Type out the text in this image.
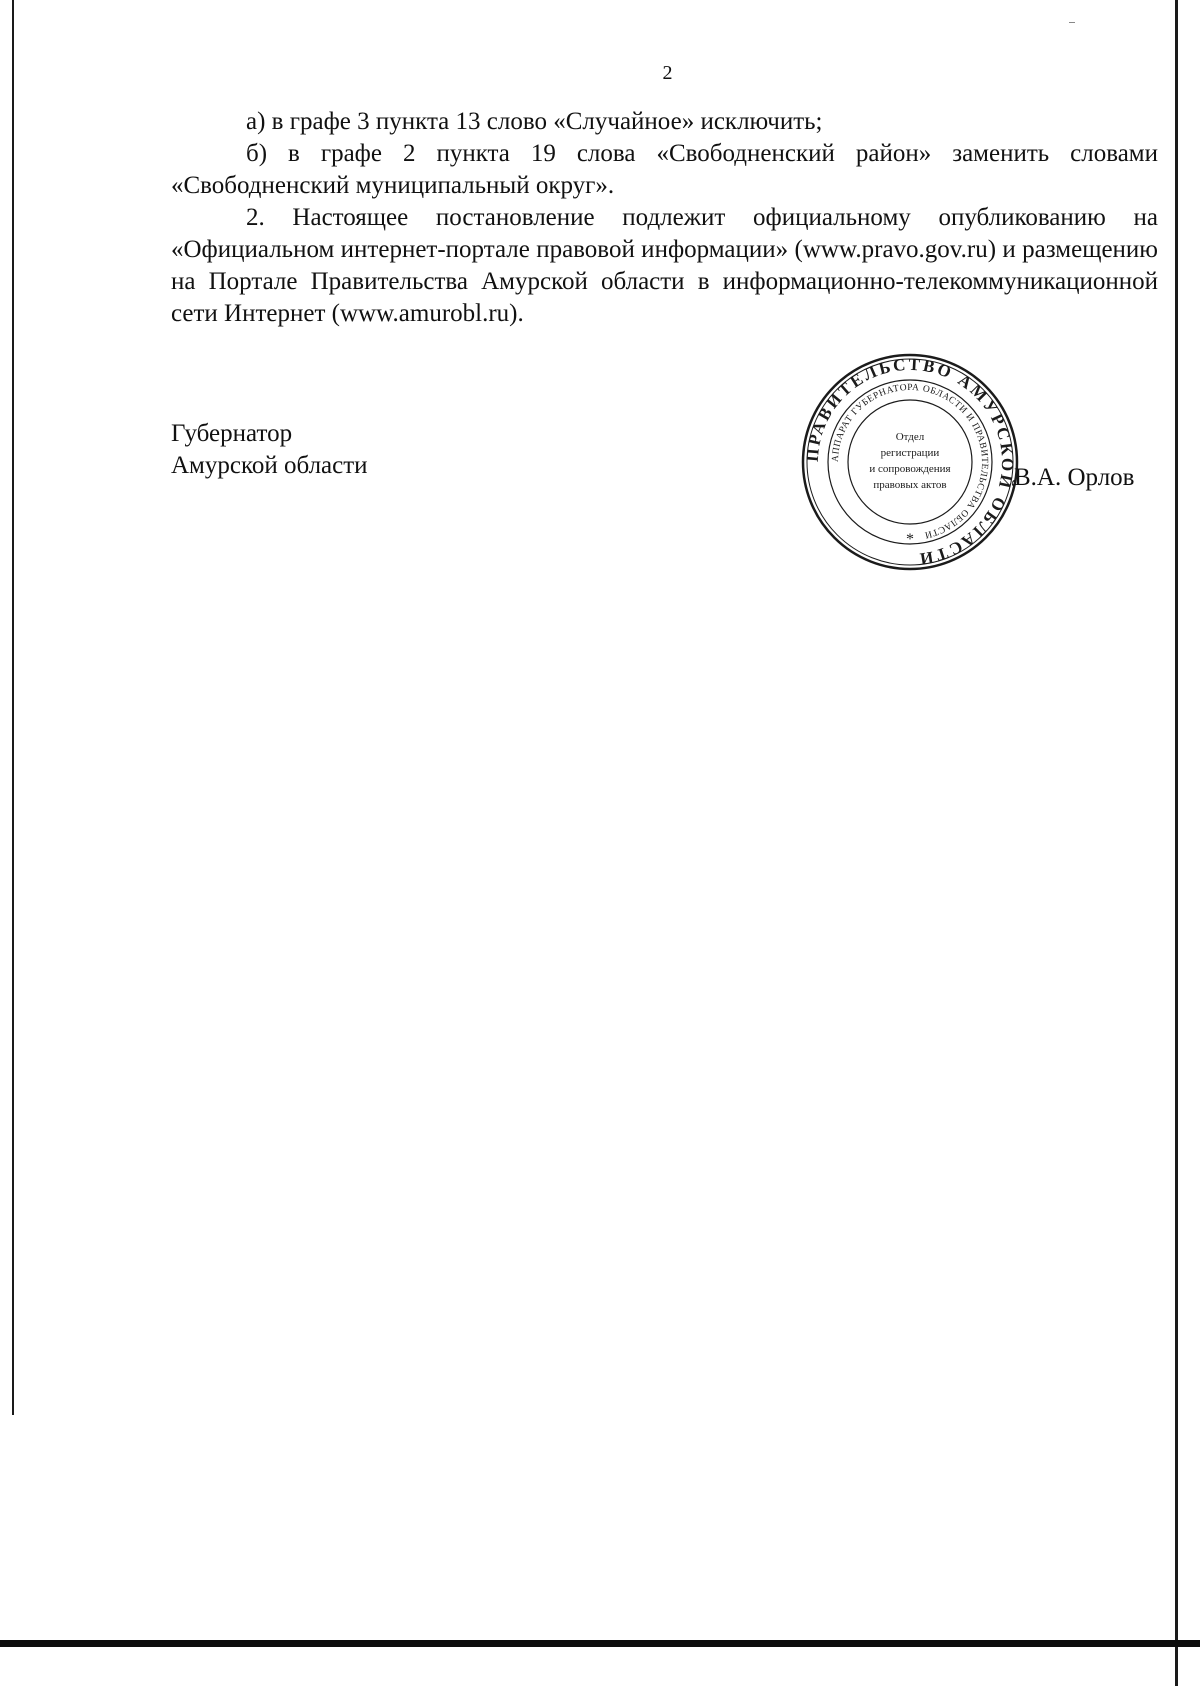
2

а) в графе 3 пункта 13 слово «Случайное» исключить;

б) в графе 2 пункта 19 слова «Свободненский район» заменить словами «Свободненский муниципальный округ».

2. Настоящее постановление подлежит официальному опубликованию на «Официальном интернет-портале правовой информации» (www.pravo.gov.ru) и размещению на Портале Правительства Амурской области в информационно-телекоммуникационной сети Интернет (www.amurobl.ru).

Губернатор
Амурской области	ПРАВИТЕЛЬСТВО АМУРСКОЙ ОБЛАСТИ
АППАРАТ ГУБЕРНАТОРА ОБЛАСТИ И ПРАВИТЕЛЬСТВА ОБЛАСТИ
Отдел
регистрации
и сопровождения
правовых актов
*
В.А. Орлов
